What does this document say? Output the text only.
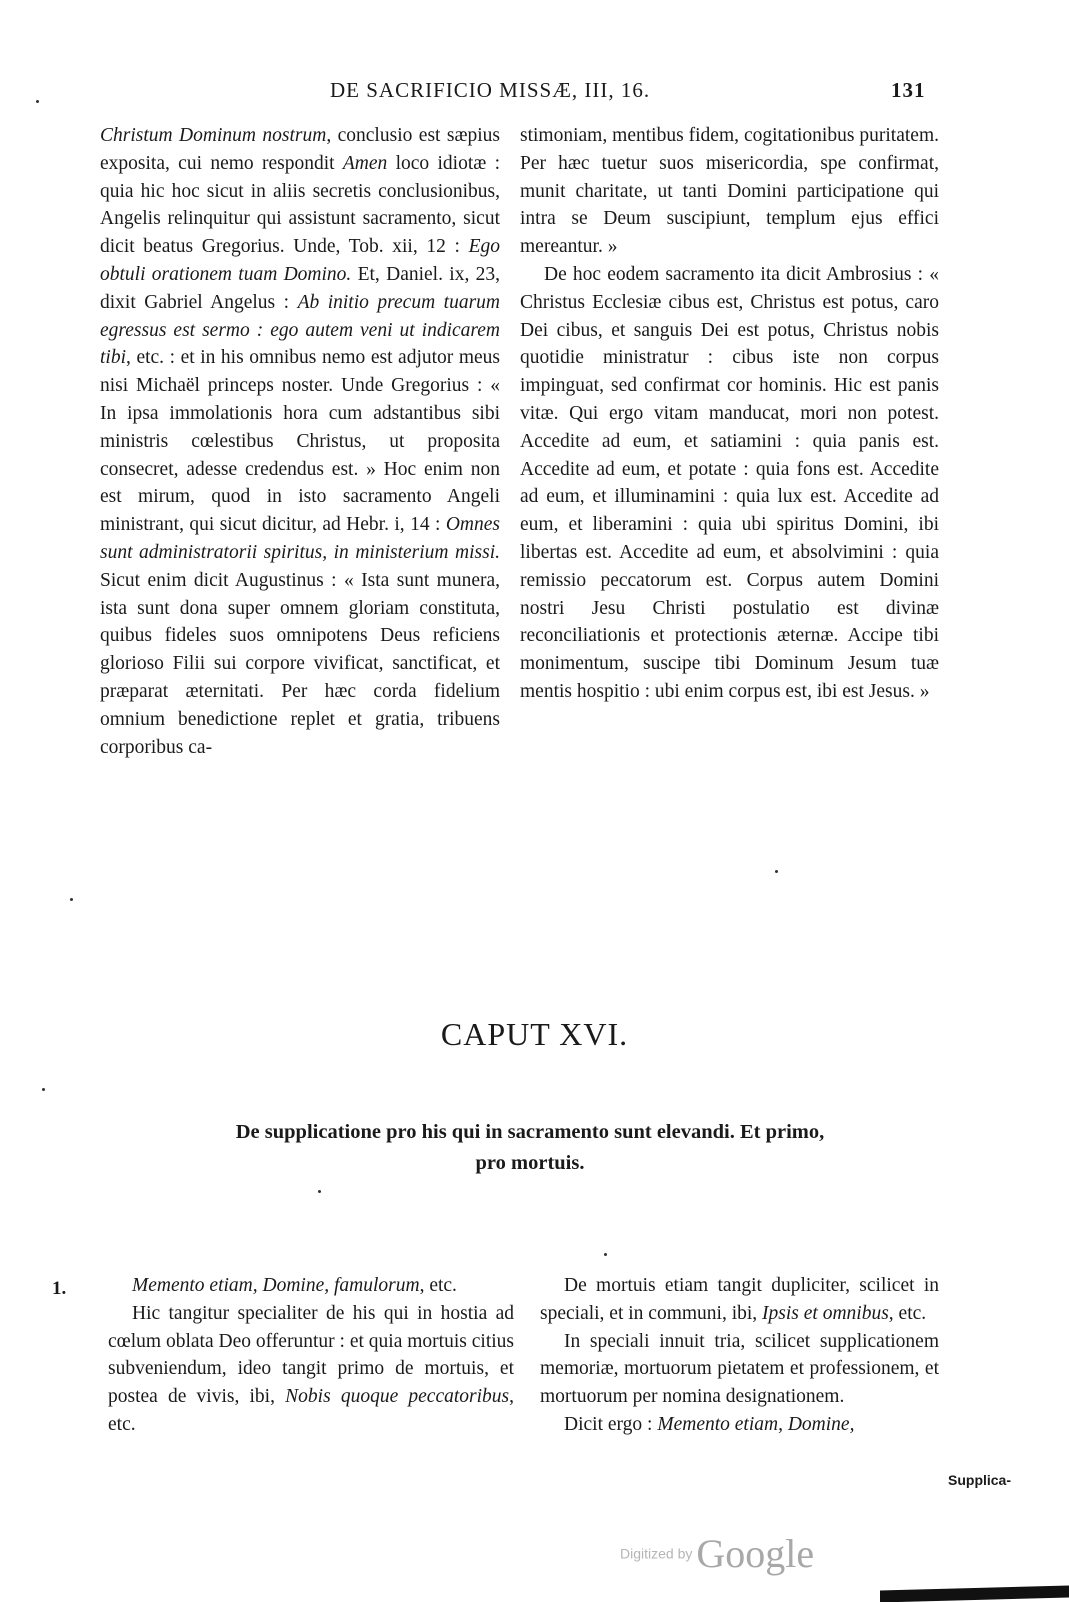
DE SACRIFICIO MISSÆ, III, 16.	131

Christum Dominum nostrum, conclusio est sæpius exposita, cui nemo respondit Amen loco idiotæ : quia hic hoc sicut in aliis secretis conclusionibus, Angelis relinquitur qui assistunt sacramento, sicut dicit beatus Gregorius. Unde, Tob. xii, 12 : Ego obtuli orationem tuam Domino. Et, Daniel. ix, 23, dixit Gabriel Angelus : Ab initio precum tuarum egressus est sermo : ego autem veni ut indicarem tibi, etc. : et in his omnibus nemo est adjutor meus nisi Michaël princeps noster. Unde Gregorius : « In ipsa immolationis hora cum adstantibus sibi ministris cœlestibus Christus, ut proposita consecret, adesse credendus est. » Hoc enim non est mirum, quod in isto sacramento Angeli ministrant, qui sicut dicitur, ad Hebr. i, 14 : Omnes sunt administratorii spiritus, in ministerium missi. Sicut enim dicit Augustinus : « Ista sunt munera, ista sunt dona super omnem gloriam constituta, quibus fideles suos omnipotens Deus reficiens glorioso Filii sui corpore vivificat, sanctificat, et præparat æternitati. Per hæc corda fidelium omnium benedictione replet et gratia, tribuens corporibus ca-

stimoniam, mentibus fidem, cogitationibus puritatem. Per hæc tuetur suos misericordia, spe confirmat, munit charitate, ut tanti Domini participatione qui intra se Deum suscipiunt, templum ejus effici mereantur. »

De hoc eodem sacramento ita dicit Ambrosius : « Christus Ecclesiæ cibus est, Christus est potus, caro Dei cibus, et sanguis Dei est potus, Christus nobis quotidie ministratur : cibus iste non corpus impinguat, sed confirmat cor hominis. Hic est panis vitæ. Qui ergo vitam manducat, mori non potest. Accedite ad eum, et satiamini : quia panis est. Accedite ad eum, et potate : quia fons est. Accedite ad eum, et illuminamini : quia lux est. Accedite ad eum, et liberamini : quia ubi spiritus Domini, ibi libertas est. Accedite ad eum, et absolvimini : quia remissio peccatorum est. Corpus autem Domini nostri Jesu Christi postulatio est divinæ reconciliationis et protectionis æternæ. Accipe tibi monimentum, suscipe tibi Dominum Jesum tuæ mentis hospitio : ubi enim corpus est, ibi est Jesus. »

CAPUT XVI.
De supplicatione pro his qui in sacramento sunt elevandi. Et primo,
pro mortuis.
1.	Memento etiam, Domine, famulorum, etc.

Hic tangitur specialiter de his qui in hostia ad cœlum oblata Deo offeruntur : et quia mortuis citius subveniendum, ideo tangit primo de mortuis, et postea de vivis, ibi, Nobis quoque peccatoribus, etc.

De mortuis etiam tangit dupliciter, scilicet in speciali, et in communi, ibi, Ipsis et omnibus, etc.

In speciali innuit tria, scilicet supplicationem memoriæ, mortuorum pietatem et professionem, et mortuorum per nomina designationem.

Dicit ergo : Memento etiam, Domine,

Supplica-
Digitized by Google
